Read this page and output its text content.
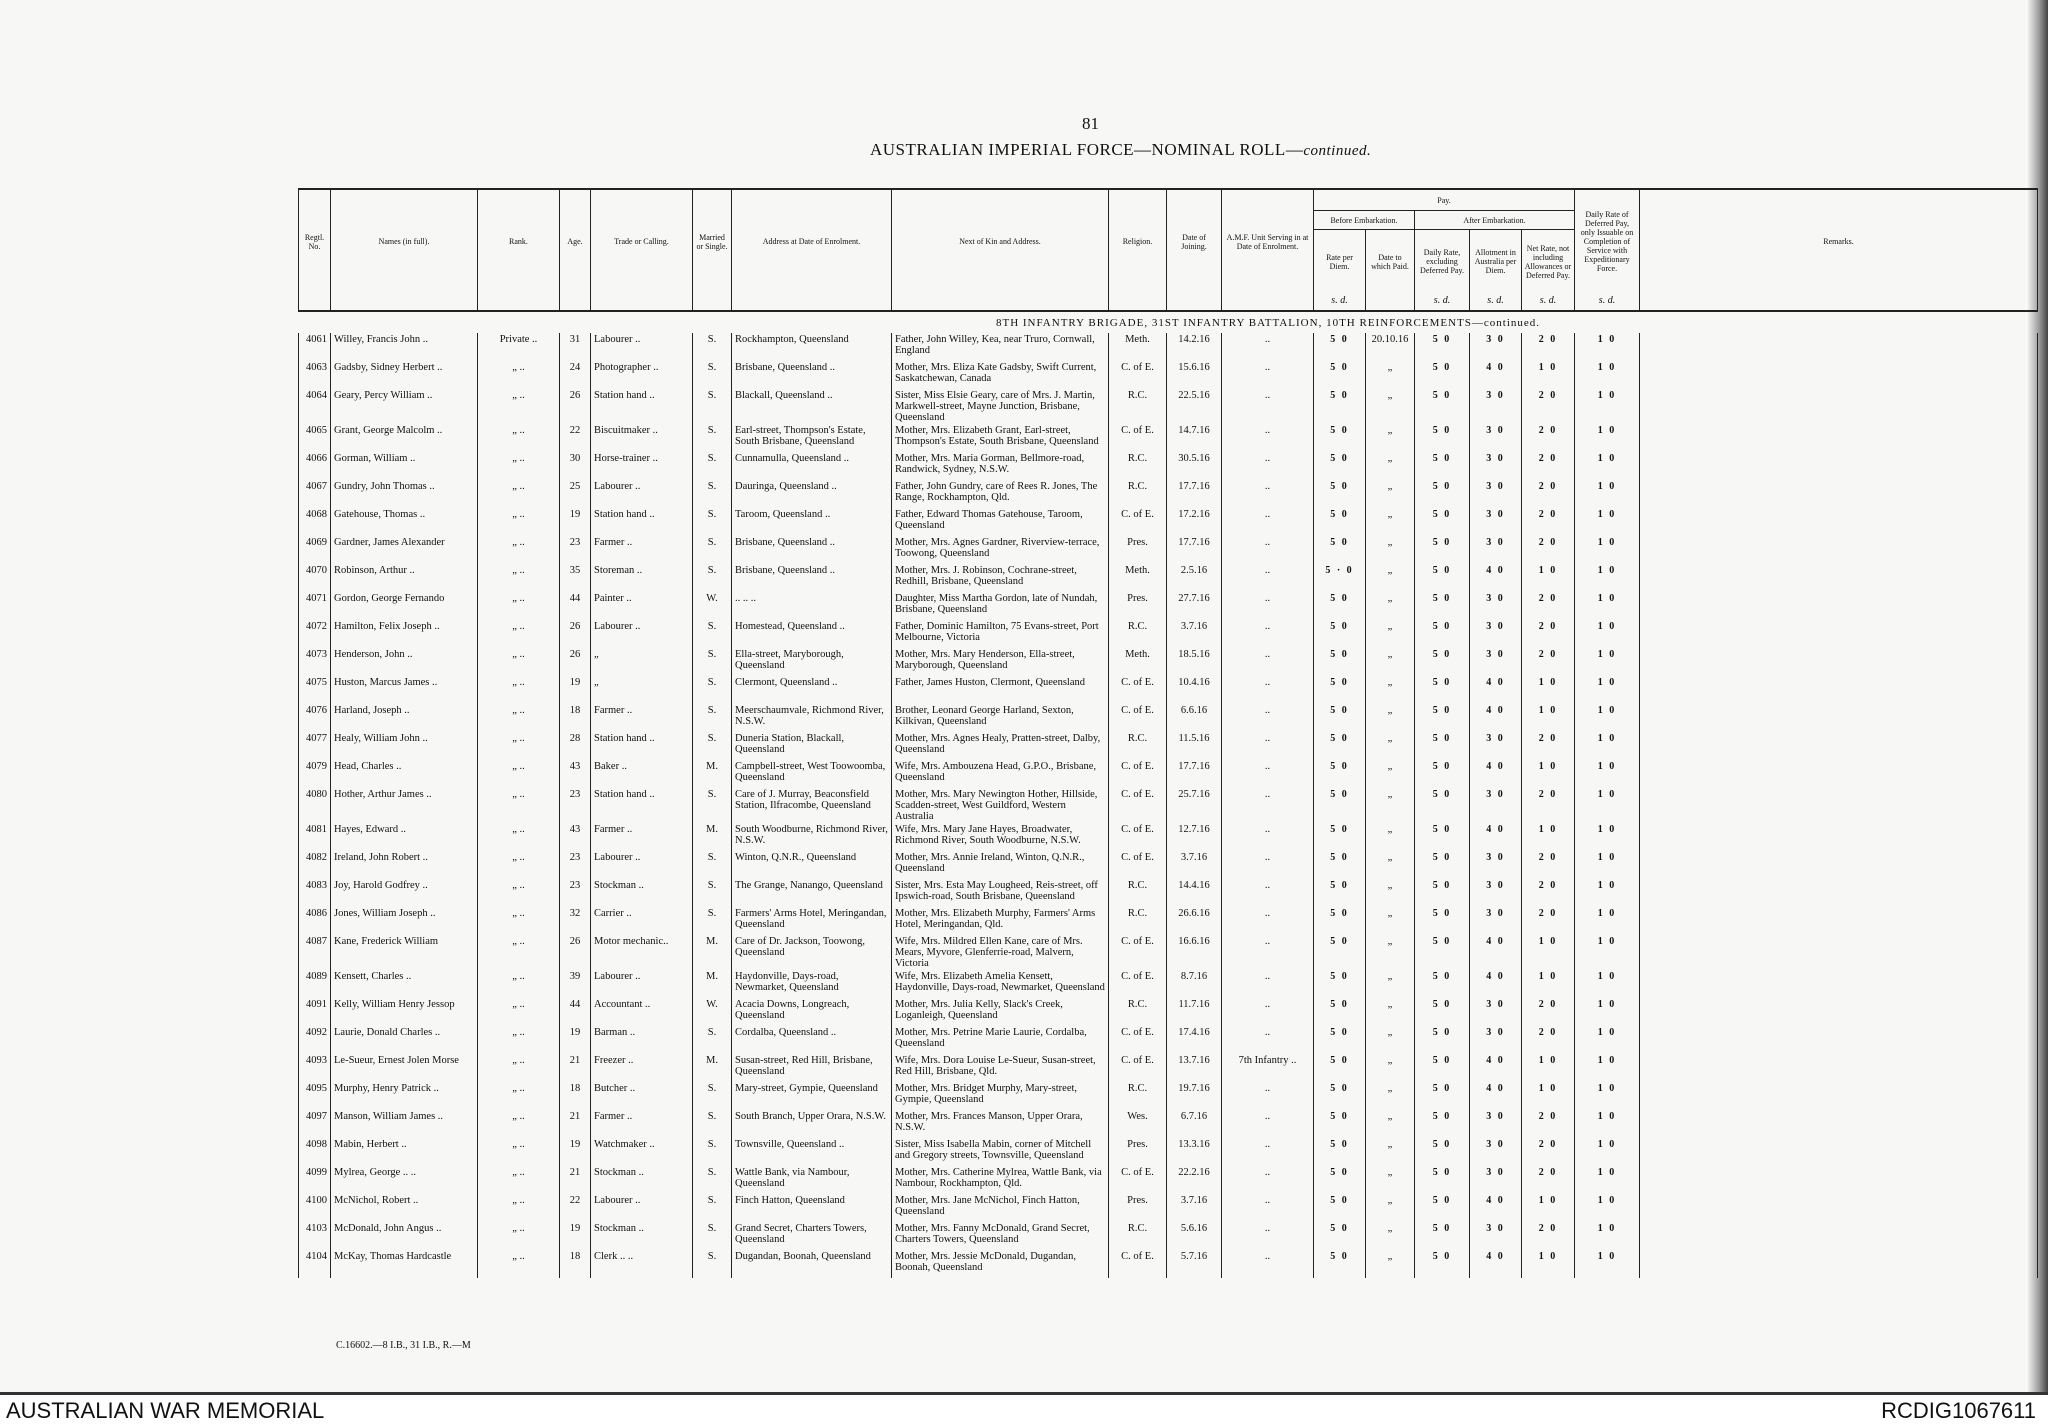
81
AUSTRALIAN IMPERIAL FORCE—NOMINAL ROLL—continued.
Regtl. No.	Names (in full).	Rank.	Age.	Trade or Calling.	Married or Single.	Address at Date of Enrolment.	Next of Kin and Address.	Religion.	Date of Joining.	A.M.F. Unit Serving in at Date of Enrolment.	Pay.					Daily Rate of Deferred Pay, only Issuable on Completion of Service with Expeditionary Force.	Remarks.
											Before Embarkation.		After Embarkation.				
											Rate per Diem.	Date to which Paid.	Daily Rate, excluding Deferred Pay.	Allotment in Australia per Diem.	Net Rate, not including Allowances or Deferred Pay.		
											s. d.		s. d.	s. d.	s. d.	s. d.	
8TH INFANTRY BRIGADE, 31ST INFANTRY BATTALION, 10TH REINFORCEMENTS—continued.																	
4061	Willey, Francis John ..	Private ..	31	Labourer ..	S.	Rockhampton, Queensland	Father, John Willey, Kea, near Truro, Cornwall, England	Meth.	14.2.16	..	5 0	20.10.16	5 0	3 0	2 0	1 0	
4063	Gadsby, Sidney Herbert ..	„ ..	24	Photographer ..	S.	Brisbane, Queensland ..	Mother, Mrs. Eliza Kate Gadsby, Swift Current, Saskatchewan, Canada	C. of E.	15.6.16	..	5 0	„	5 0	4 0	1 0	1 0	
4064	Geary, Percy William ..	„ ..	26	Station hand ..	S.	Blackall, Queensland ..	Sister, Miss Elsie Geary, care of Mrs. J. Martin, Markwell-street, Mayne Junction, Brisbane, Queensland	R.C.	22.5.16	..	5 0	„	5 0	3 0	2 0	1 0	
4065	Grant, George Malcolm ..	„ ..	22	Biscuitmaker ..	S.	Earl-street, Thompson's Estate, South Brisbane, Queensland	Mother, Mrs. Elizabeth Grant, Earl-street, Thompson's Estate, South Brisbane, Queensland	C. of E.	14.7.16	..	5 0	„	5 0	3 0	2 0	1 0	
4066	Gorman, William ..	„ ..	30	Horse-trainer ..	S.	Cunnamulla, Queensland ..	Mother, Mrs. Maria Gorman, Bellmore-road, Randwick, Sydney, N.S.W.	R.C.	30.5.16	..	5 0	„	5 0	3 0	2 0	1 0	
4067	Gundry, John Thomas ..	„ ..	25	Labourer ..	S.	Dauringa, Queensland ..	Father, John Gundry, care of Rees R. Jones, The Range, Rockhampton, Qld.	R.C.	17.7.16	..	5 0	„	5 0	3 0	2 0	1 0	
4068	Gatehouse, Thomas ..	„ ..	19	Station hand ..	S.	Taroom, Queensland ..	Father, Edward Thomas Gatehouse, Taroom, Queensland	C. of E.	17.2.16	..	5 0	„	5 0	3 0	2 0	1 0	
4069	Gardner, James Alexander	„ ..	23	Farmer ..	S.	Brisbane, Queensland ..	Mother, Mrs. Agnes Gardner, Riverview-terrace, Toowong, Queensland	Pres.	17.7.16	..	5 0	„	5 0	3 0	2 0	1 0	
4070	Robinson, Arthur ..	„ ..	35	Storeman ..	S.	Brisbane, Queensland ..	Mother, Mrs. J. Robinson, Cochrane-street, Redhill, Brisbane, Queensland	Meth.	2.5.16	..	5 · 0	„	5 0	4 0	1 0	1 0	
4071	Gordon, George Fernando	„ ..	44	Painter ..	W.	.. .. ..	Daughter, Miss Martha Gordon, late of Nundah, Brisbane, Queensland	Pres.	27.7.16	..	5 0	„	5 0	3 0	2 0	1 0	
4072	Hamilton, Felix Joseph ..	„ ..	26	Labourer ..	S.	Homestead, Queensland ..	Father, Dominic Hamilton, 75 Evans-street, Port Melbourne, Victoria	R.C.	3.7.16	..	5 0	„	5 0	3 0	2 0	1 0	
4073	Henderson, John ..	„ ..	26	„	S.	Ella-street, Maryborough, Queensland	Mother, Mrs. Mary Henderson, Ella-street, Maryborough, Queensland	Meth.	18.5.16	..	5 0	„	5 0	3 0	2 0	1 0	
4075	Huston, Marcus James ..	„ ..	19	„	S.	Clermont, Queensland ..	Father, James Huston, Clermont, Queensland	C. of E.	10.4.16	..	5 0	„	5 0	4 0	1 0	1 0	
4076	Harland, Joseph ..	„ ..	18	Farmer ..	S.	Meerschaumvale, Richmond River, N.S.W.	Brother, Leonard George Harland, Sexton, Kilkivan, Queensland	C. of E.	6.6.16	..	5 0	„	5 0	4 0	1 0	1 0	
4077	Healy, William John ..	„ ..	28	Station hand ..	S.	Duneria Station, Blackall, Queensland	Mother, Mrs. Agnes Healy, Pratten-street, Dalby, Queensland	R.C.	11.5.16	..	5 0	„	5 0	3 0	2 0	1 0	
4079	Head, Charles ..	„ ..	43	Baker ..	M.	Campbell-street, West Toowoomba, Queensland	Wife, Mrs. Ambouzena Head, G.P.O., Brisbane, Queensland	C. of E.	17.7.16	..	5 0	„	5 0	4 0	1 0	1 0	
4080	Hother, Arthur James ..	„ ..	23	Station hand ..	S.	Care of J. Murray, Beaconsfield Station, Ilfracombe, Queensland	Mother, Mrs. Mary Newington Hother, Hillside, Scadden-street, West Guildford, Western Australia	C. of E.	25.7.16	..	5 0	„	5 0	3 0	2 0	1 0	
4081	Hayes, Edward ..	„ ..	43	Farmer ..	M.	South Woodburne, Richmond River, N.S.W.	Wife, Mrs. Mary Jane Hayes, Broadwater, Richmond River, South Woodburne, N.S.W.	C. of E.	12.7.16	..	5 0	„	5 0	4 0	1 0	1 0	
4082	Ireland, John Robert ..	„ ..	23	Labourer ..	S.	Winton, Q.N.R., Queensland	Mother, Mrs. Annie Ireland, Winton, Q.N.R., Queensland	C. of E.	3.7.16	..	5 0	„	5 0	3 0	2 0	1 0	
4083	Joy, Harold Godfrey ..	„ ..	23	Stockman ..	S.	The Grange, Nanango, Queensland	Sister, Mrs. Esta May Lougheed, Reis-street, off Ipswich-road, South Brisbane, Queensland	R.C.	14.4.16	..	5 0	„	5 0	3 0	2 0	1 0	
4086	Jones, William Joseph ..	„ ..	32	Carrier ..	S.	Farmers' Arms Hotel, Meringandan, Queensland	Mother, Mrs. Elizabeth Murphy, Farmers' Arms Hotel, Meringandan, Qld.	R.C.	26.6.16	..	5 0	„	5 0	3 0	2 0	1 0	
4087	Kane, Frederick William	„ ..	26	Motor mechanic..	M.	Care of Dr. Jackson, Toowong, Queensland	Wife, Mrs. Mildred Ellen Kane, care of Mrs. Mears, Myvore, Glenferrie-road, Malvern, Victoria	C. of E.	16.6.16	..	5 0	„	5 0	4 0	1 0	1 0	
4089	Kensett, Charles ..	„ ..	39	Labourer ..	M.	Haydonville, Days-road, Newmarket, Queensland	Wife, Mrs. Elizabeth Amelia Kensett, Haydonville, Days-road, Newmarket, Queensland	C. of E.	8.7.16	..	5 0	„	5 0	4 0	1 0	1 0	
4091	Kelly, William Henry Jessop	„ ..	44	Accountant ..	W.	Acacia Downs, Longreach, Queensland	Mother, Mrs. Julia Kelly, Slack's Creek, Loganleigh, Queensland	R.C.	11.7.16	..	5 0	„	5 0	3 0	2 0	1 0	
4092	Laurie, Donald Charles ..	„ ..	19	Barman ..	S.	Cordalba, Queensland ..	Mother, Mrs. Petrine Marie Laurie, Cordalba, Queensland	C. of E.	17.4.16	..	5 0	„	5 0	3 0	2 0	1 0	
4093	Le-Sueur, Ernest Jolen Morse	„ ..	21	Freezer ..	M.	Susan-street, Red Hill, Brisbane, Queensland	Wife, Mrs. Dora Louise Le-Sueur, Susan-street, Red Hill, Brisbane, Qld.	C. of E.	13.7.16	7th Infantry ..	5 0	„	5 0	4 0	1 0	1 0	
4095	Murphy, Henry Patrick ..	„ ..	18	Butcher ..	S.	Mary-street, Gympie, Queensland	Mother, Mrs. Bridget Murphy, Mary-street, Gympie, Queensland	R.C.	19.7.16	..	5 0	„	5 0	4 0	1 0	1 0	
4097	Manson, William James ..	„ ..	21	Farmer ..	S.	South Branch, Upper Orara, N.S.W.	Mother, Mrs. Frances Manson, Upper Orara, N.S.W.	Wes.	6.7.16	..	5 0	„	5 0	3 0	2 0	1 0	
4098	Mabin, Herbert ..	„ ..	19	Watchmaker ..	S.	Townsville, Queensland ..	Sister, Miss Isabella Mabin, corner of Mitchell and Gregory streets, Townsville, Queensland	Pres.	13.3.16	..	5 0	„	5 0	3 0	2 0	1 0	
4099	Mylrea, George .. ..	„ ..	21	Stockman ..	S.	Wattle Bank, via Nambour, Queensland	Mother, Mrs. Catherine Mylrea, Wattle Bank, via Nambour, Rockhampton, Qld.	C. of E.	22.2.16	..	5 0	„	5 0	3 0	2 0	1 0	
4100	McNichol, Robert ..	„ ..	22	Labourer ..	S.	Finch Hatton, Queensland	Mother, Mrs. Jane McNichol, Finch Hatton, Queensland	Pres.	3.7.16	..	5 0	„	5 0	4 0	1 0	1 0	
4103	McDonald, John Angus ..	„ ..	19	Stockman ..	S.	Grand Secret, Charters Towers, Queensland	Mother, Mrs. Fanny McDonald, Grand Secret, Charters Towers, Queensland	R.C.	5.6.16	..	5 0	„	5 0	3 0	2 0	1 0	
4104	McKay, Thomas Hardcastle	„ ..	18	Clerk .. ..	S.	Dugandan, Boonah, Queensland	Mother, Mrs. Jessie McDonald, Dugandan, Boonah, Queensland	C. of E.	5.7.16	..	5 0	„	5 0	4 0	1 0	1 0	
C.16602.—8 I.B., 31 I.B., R.—M
AUSTRALIAN WAR MEMORIAL	RCDIG1067611
